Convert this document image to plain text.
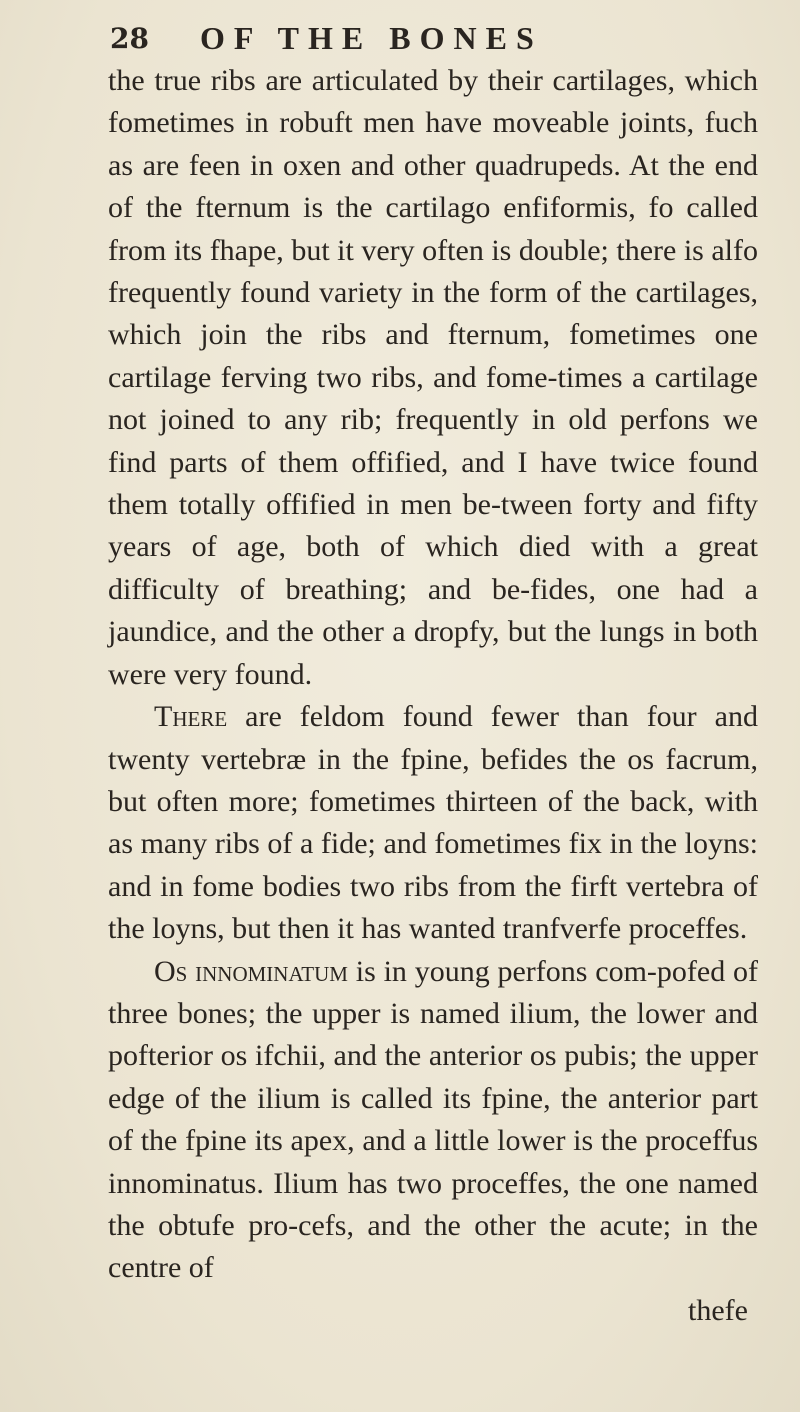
28 OF THE BONES

the true ribs are articulated by their cartilages, which fometimes in robuft men have moveable joints, fuch as are feen in oxen and other quadrupeds. At the end of the fternum is the cartilago enfiformis, fo called from its fhape, but it very often is double; there is alfo frequently found variety in the form of the cartilages, which join the ribs and fternum, fometimes one cartilage ferving two ribs, and fome-times a cartilage not joined to any rib; frequently in old perfons we find parts of them offified, and I have twice found them totally offified in men be-tween forty and fifty years of age, both of which died with a great difficulty of breathing; and be-fides, one had a jaundice, and the other a dropfy, but the lungs in both were very found.

There are feldom found fewer than four and twenty vertebræ in the fpine, befides the os facrum, but often more; fometimes thirteen of the back, with as many ribs of a fide; and fometimes fix in the loyns: and in fome bodies two ribs from the firft vertebra of the loyns, but then it has wanted tranfverfe proceffes.

Os innominatum is in young perfons com-pofed of three bones; the upper is named ilium, the lower and pofterior os ifchii, and the anterior os pubis; the upper edge of the ilium is called its fpine, the anterior part of the fpine its apex, and a little lower is the proceffus innominatus. Ilium has two proceffes, the one named the obtufe pro-cefs, and the other the acute; in the centre of

thefe
